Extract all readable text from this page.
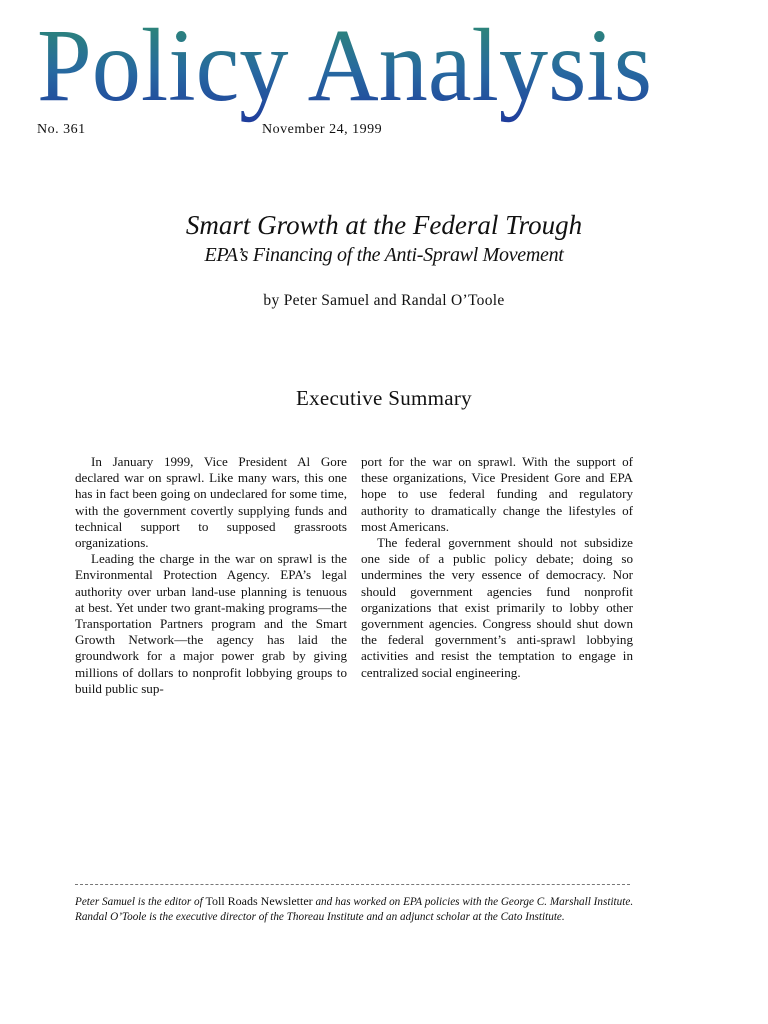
Policy Analysis
No. 361	November 24, 1999
Smart Growth at the Federal Trough
EPA’s Financing of the Anti-Sprawl Movement
by Peter Samuel and Randal O’Toole
Executive Summary

In January 1999, Vice President Al Gore declared war on sprawl. Like many wars, this one has in fact been going on undeclared for some time, with the government covertly supplying funds and technical support to supposed grassroots organizations.

Leading the charge in the war on sprawl is the Environmental Protection Agency. EPA’s legal authority over urban land-use planning is tenuous at best. Yet under two grant-making programs—the Transportation Partners program and the Smart Growth Network—the agency has laid the groundwork for a major power grab by giving millions of dollars to nonprofit lobbying groups to build public sup-

port for the war on sprawl. With the support of these organizations, Vice President Gore and EPA hope to use federal funding and regulatory authority to dramatically change the lifestyles of most Americans.

The federal government should not subsidize one side of a public policy debate; doing so undermines the very essence of democracy. Nor should government agencies fund nonprofit organizations that exist primarily to lobby other government agencies. Congress should shut down the federal government’s anti-sprawl lobbying activities and resist the temptation to engage in centralized social engineering.

Peter Samuel is the editor of Toll Roads Newsletter and has worked on EPA policies with the George C. Marshall Institute. Randal O’Toole is the executive director of the Thoreau Institute and an adjunct scholar at the Cato Institute.
